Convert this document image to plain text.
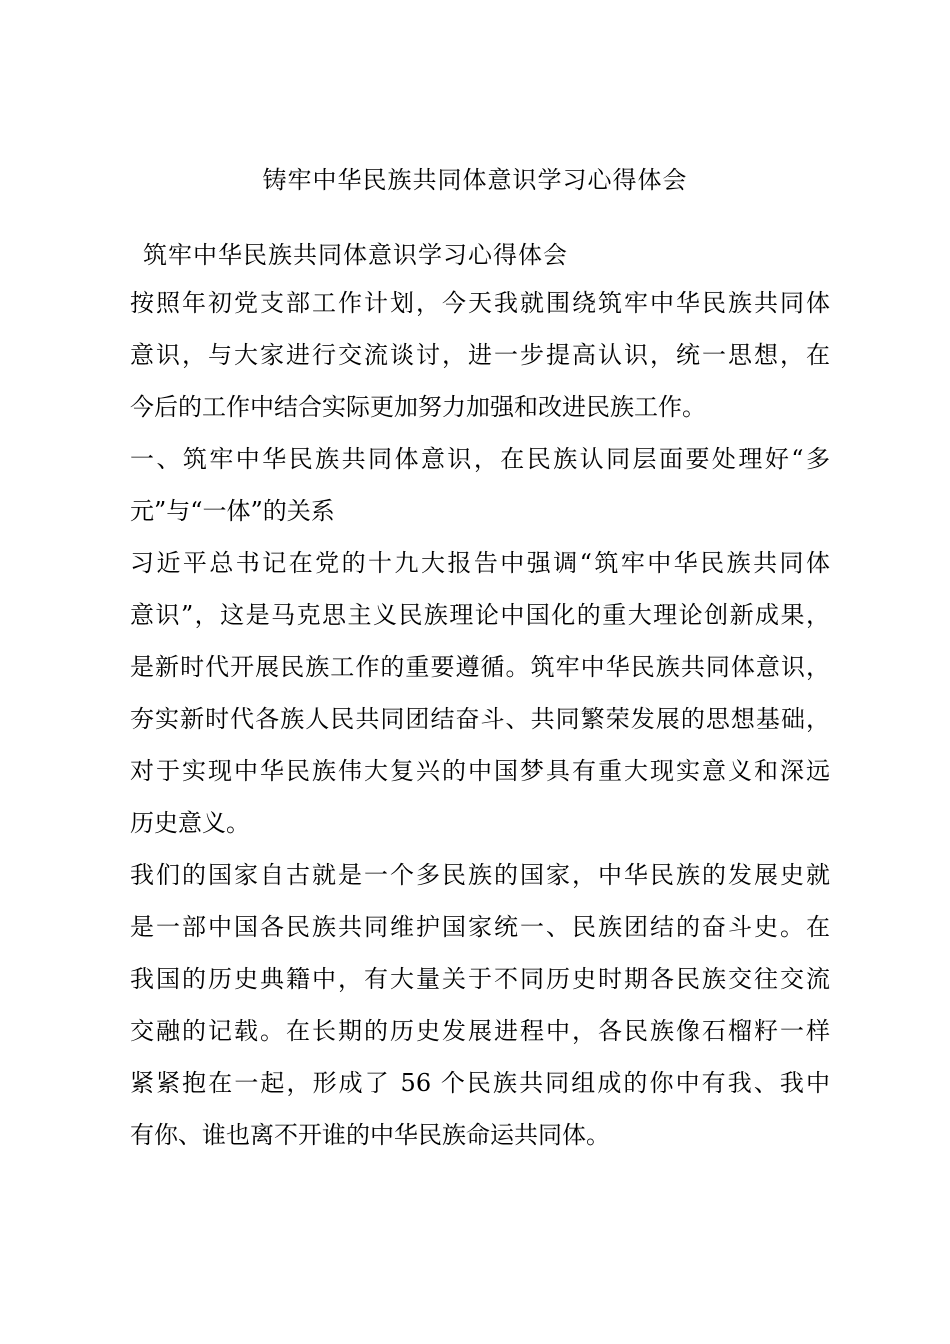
铸牢中华民族共同体意识学习心得体会
筑牢中华民族共同体意识学习心得体会
按照年初党支部工作计划，今天我就围绕筑牢中华民族共同体
意识，与大家进行交流谈讨，进一步提高认识，统一思想，在
今后的工作中结合实际更加努力加强和改进民族工作。
一、筑牢中华民族共同体意识，在民族认同层面要处理好“多
元”与“一体”的关系
习近平总书记在党的十九大报告中强调“筑牢中华民族共同体
意识”，这是马克思主义民族理论中国化的重大理论创新成果，
是新时代开展民族工作的重要遵循。筑牢中华民族共同体意识，
夯实新时代各族人民共同团结奋斗、共同繁荣发展的思想基础，
对于实现中华民族伟大复兴的中国梦具有重大现实意义和深远
历史意义。
我们的国家自古就是一个多民族的国家，中华民族的发展史就
是一部中国各民族共同维护国家统一、民族团结的奋斗史。在
我国的历史典籍中，有大量关于不同历史时期各民族交往交流
交融的记载。在长期的历史发展进程中，各民族像石榴籽一样
紧紧抱在一起，形成了 56 个民族共同组成的你中有我、我中
有你、谁也离不开谁的中华民族命运共同体。
